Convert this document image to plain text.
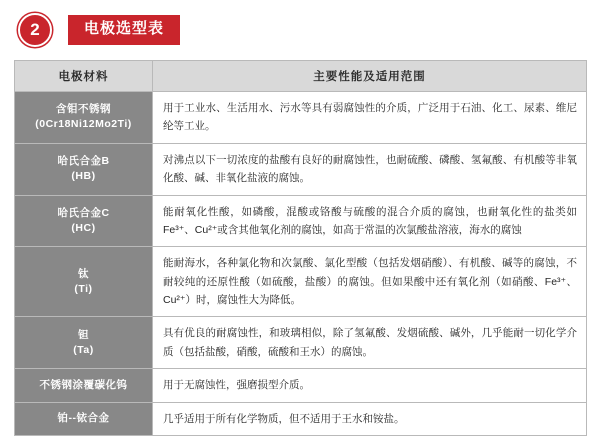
2	电极选型表
电极材料	主要性能及适用范围
含钼不锈钢
(0Cr18Ni12Mo2Ti)	用于工业水、生活用水、污水等具有弱腐蚀性的介质，广泛用于石油、化工、尿素、维尼纶等工业。
哈氏合金B
(HB)	对沸点以下一切浓度的盐酸有良好的耐腐蚀性，也耐硫酸、磷酸、氢氟酸、有机酸等非氧化酸、碱、非氧化盐液的腐蚀。
哈氏合金C
(HC)	能耐氧化性酸，如磷酸，混酸或铬酸与硫酸的混合介质的腐蚀，也耐氧化性的盐类如Fe³⁺、Cu²⁺或含其他氧化剂的腐蚀，如高于常温的次氯酸盐溶液，海水的腐蚀
钛
(Ti)	能耐海水，各种氯化物和次氯酸、氯化型酸（包括发烟硝酸）、有机酸、碱等的腐蚀，不耐较纯的还原性酸（如硫酸，盐酸）的腐蚀。但如果酸中还有氧化剂（如硝酸、Fe³⁺、Cu²⁺）时，腐蚀性大为降低。
钽
(Ta)	具有优良的耐腐蚀性，和玻璃相似，除了氢氟酸、发烟硫酸、碱外，几乎能耐一切化学介质（包括盐酸，硝酸，硫酸和王水）的腐蚀。
不锈钢涂覆碳化钨	用于无腐蚀性，强磨损型介质。
铂--铱合金	几乎适用于所有化学物质，但不适用于王水和铵盐。
